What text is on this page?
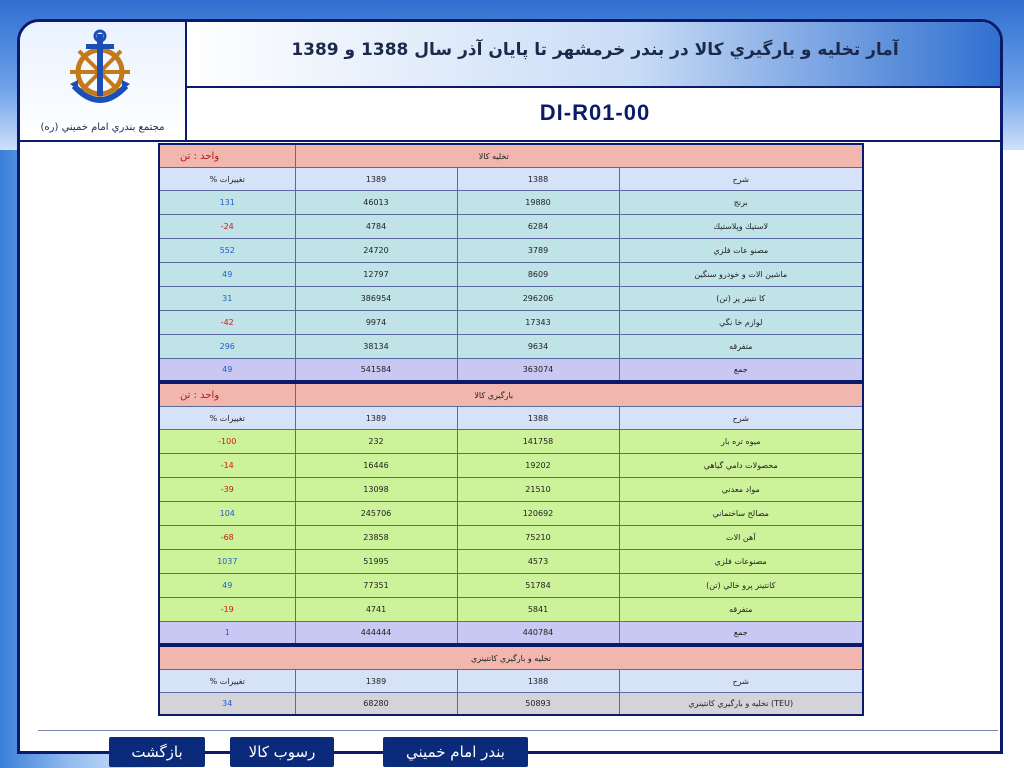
مجتمع بندري امام خميني (ره)
آمار تخليه و بارگيري كالا در بندر خرمشهر تا پايان آذر سال 1388 و 1389
DI-R01-00
واحد : تن	تخليه كالا		
% تغييرات	1389	1388	شرح
131	46013	19880	برنج
-24	4784	6284	لاستيك وپلاستيك
552	24720	3789	مصنو عات فلزي
49	12797	8609	ماشين الات و خودرو سنگين
31	386954	296206	كا نتينر پر (تن)
-42	9974	17343	لوازم خا نگي
296	38134	9634	متفرقه
49	541584	363074	جمع
واحد : تن	بارگيري كالا		
% تغييرات	1389	1388	شرح
-100	232	141758	ميوه تره بار
-14	16446	19202	محصولات دامي گياهي
-39	13098	21510	مواد معدني
104	245706	120692	مصالح ساختماني
-68	23858	75210	آهن الات
1037	51995	4573	مصنوعات فلزي
49	77351	51784	كانتينر پرو خالي (تن)
-19	4741	5841	متفرقه
1	444444	440784	جمع
تخليه و بارگيري كانتينري			
% تغييرات	1389	1388	شرح
34	68280	50893	تخليه و بارگيري كانتينري (TEU)
بازگشت	رسوب كالا	بندر امام خميني
